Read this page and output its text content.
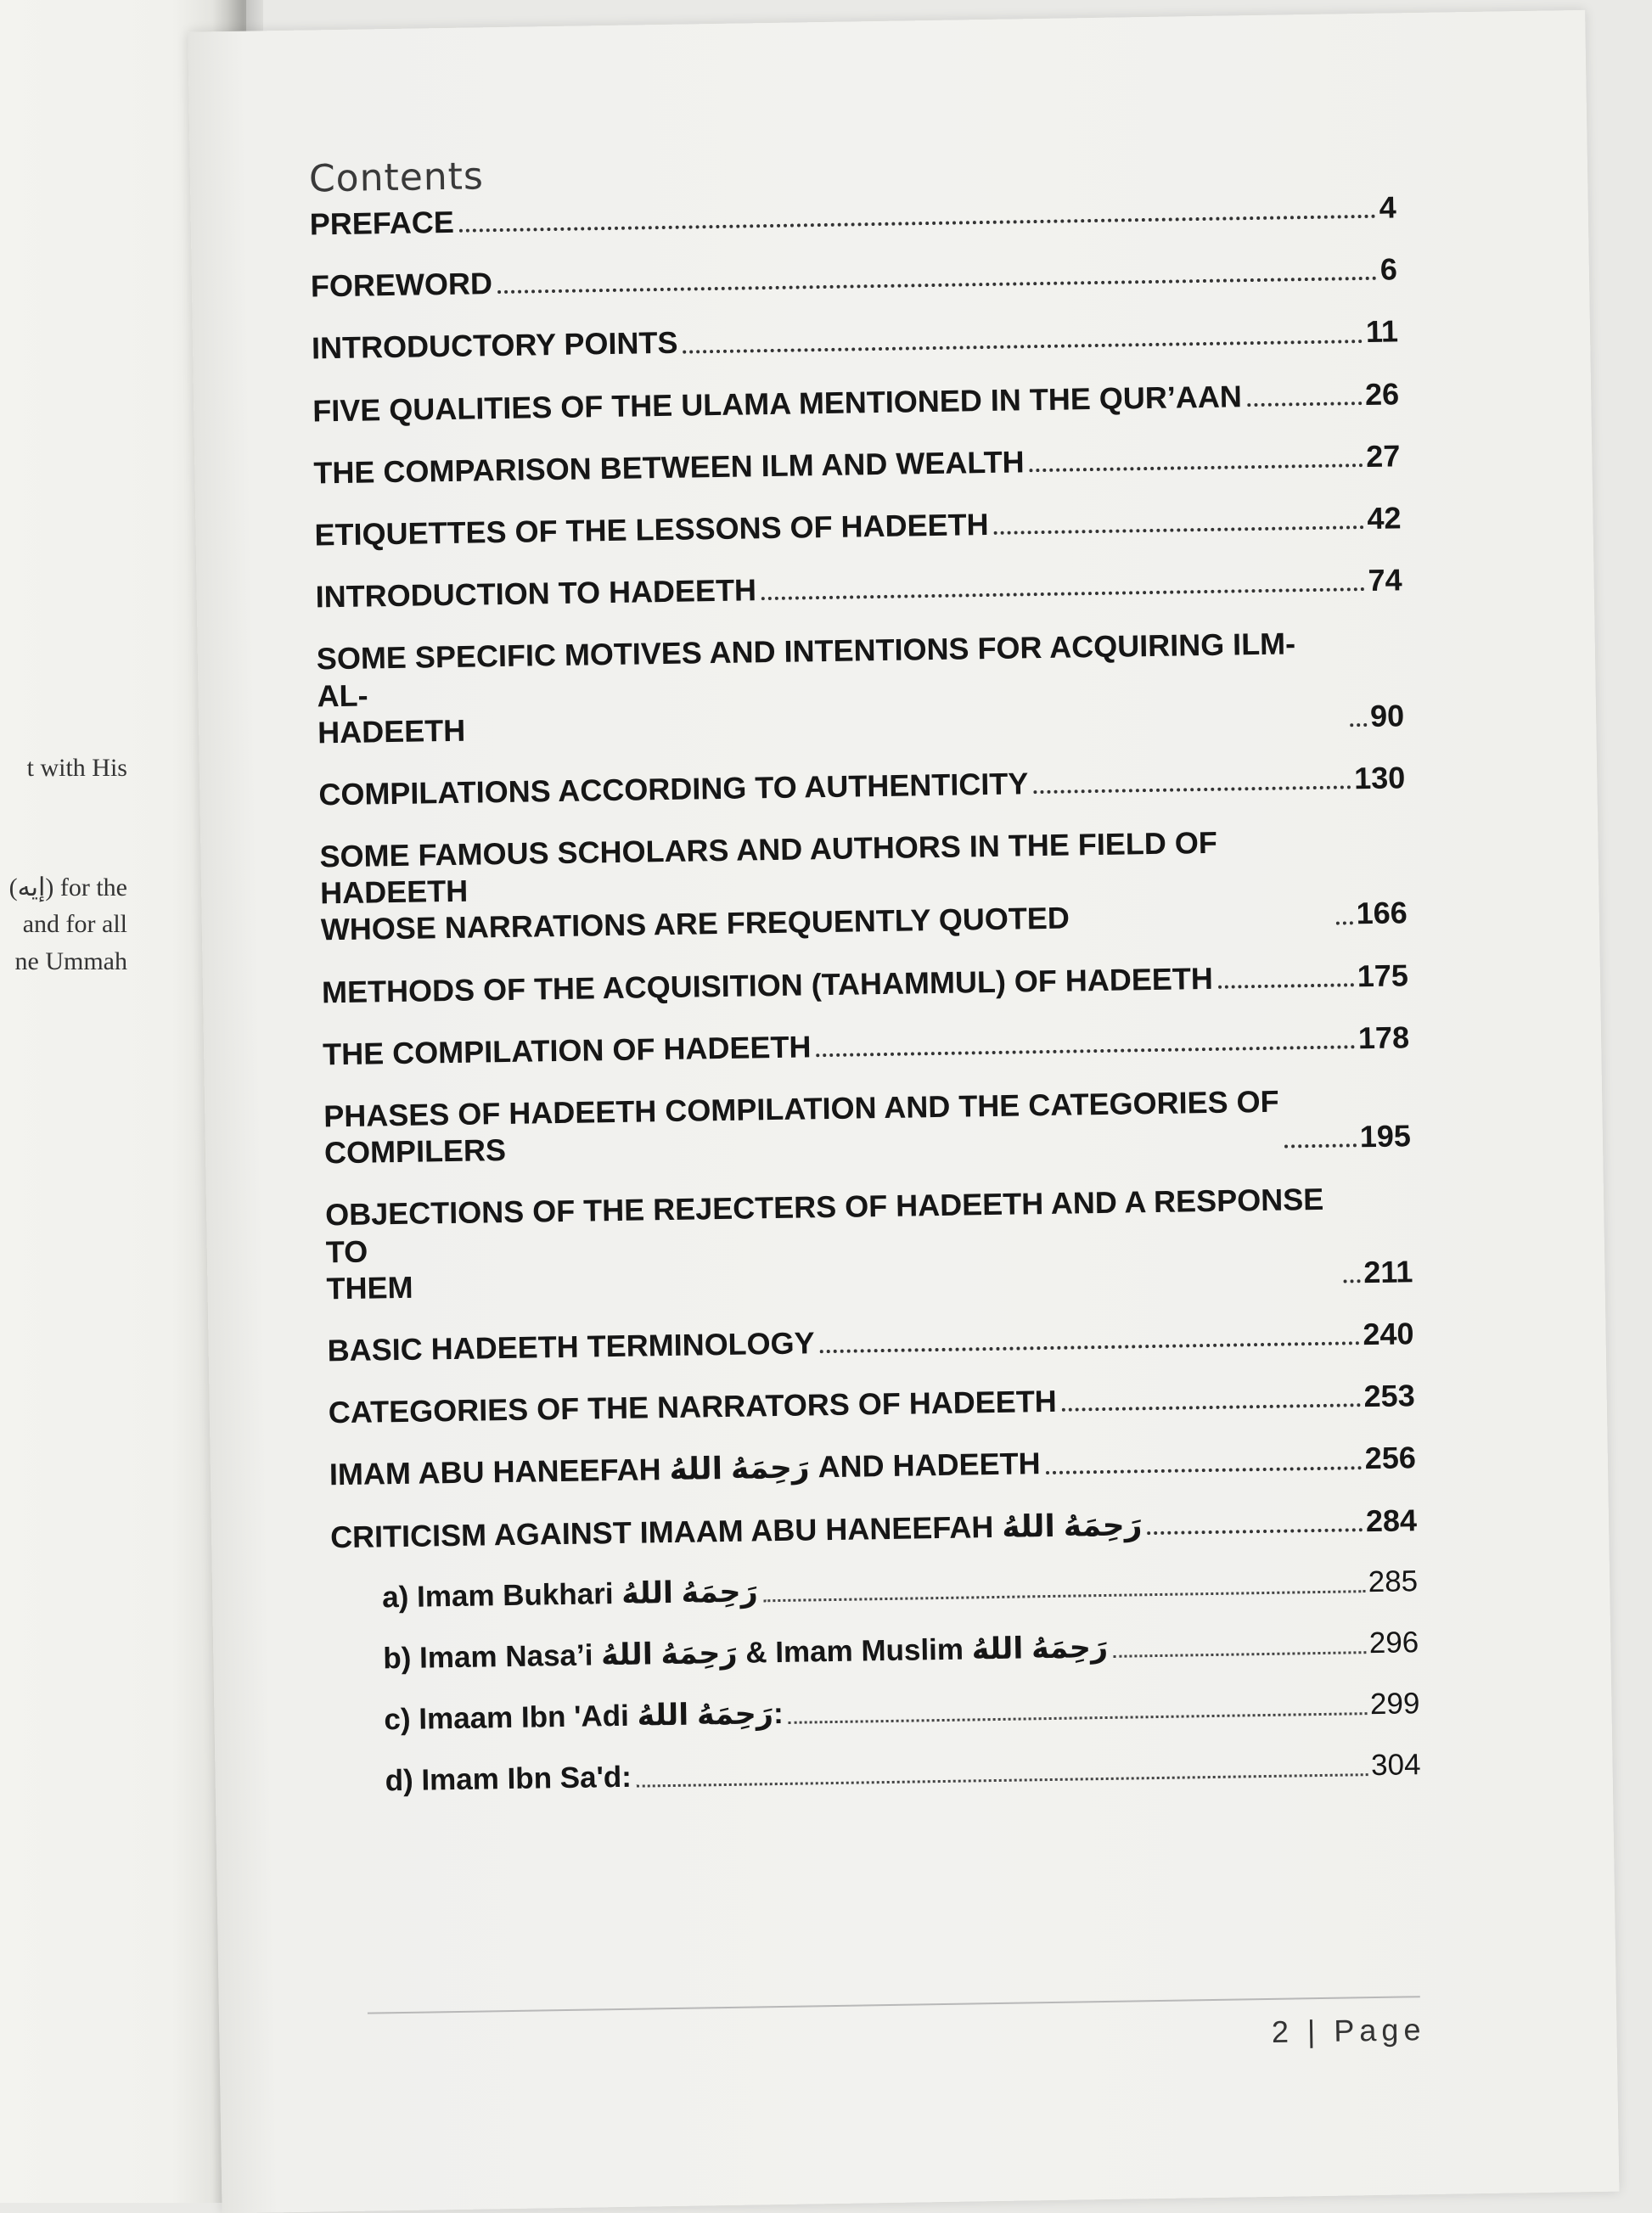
t with His
(إيه) for the
and for all
ne Ummah
Contents
PREFACE	4
FOREWORD	6
INTRODUCTORY POINTS	11
FIVE QUALITIES OF THE ULAMA MENTIONED IN THE QUR’AAN	26
THE COMPARISON BETWEEN ILM AND WEALTH	27
ETIQUETTES OF THE LESSONS OF HADEETH	42
INTRODUCTION TO HADEETH	74
SOME SPECIFIC MOTIVES AND INTENTIONS FOR ACQUIRING ILM-AL-
HADEETH	90
COMPILATIONS ACCORDING TO AUTHENTICITY	130
SOME FAMOUS SCHOLARS AND AUTHORS IN THE FIELD OF HADEETH
WHOSE NARRATIONS ARE FREQUENTLY QUOTED	166
METHODS OF THE ACQUISITION (TAHAMMUL) OF HADEETH	175
THE COMPILATION OF HADEETH	178
PHASES OF HADEETH COMPILATION AND THE CATEGORIES OF
COMPILERS	195
OBJECTIONS OF THE REJECTERS OF HADEETH AND A RESPONSE TO
THEM	211
BASIC HADEETH TERMINOLOGY	240
CATEGORIES OF THE NARRATORS OF HADEETH	253
IMAM ABU HANEEFAH رَحِمَهُ اللهُ AND HADEETH	256
CRITICISM AGAINST IMAAM ABU HANEEFAH رَحِمَهُ اللهُ	284
a) Imam Bukhari رَحِمَهُ اللهُ	285
b) Imam Nasa’i رَحِمَهُ اللهُ & Imam Muslim رَحِمَهُ اللهُ	296
c) Imaam Ibn 'Adi رَحِمَهُ اللهُ:	299
d) Imam Ibn Sa'd:	304
2 | Page
